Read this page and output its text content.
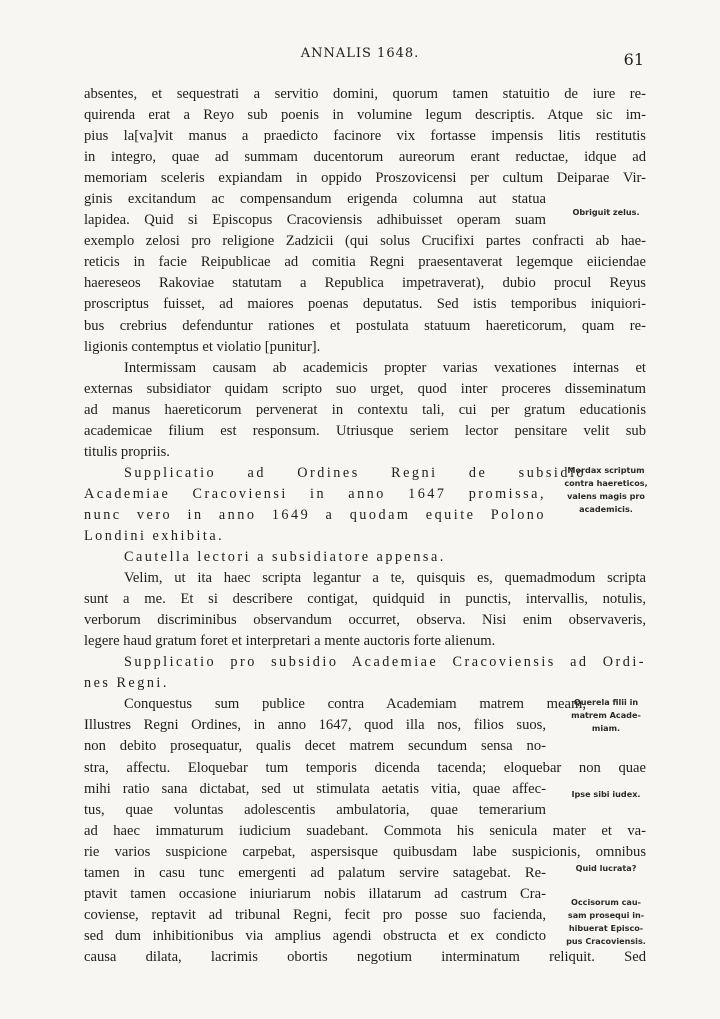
ANNALIS 1648.	61
absentes, et sequestrati a servitio domini, quorum tamen statuitio de iure re-
quirenda erat a Reyo sub poenis in volumine legum descriptis. Atque sic im-
pius la[va]vit manus a praedicto facinore vix fortasse impensis litis restitutis
in integro, quae ad summam ducentorum aureorum erant reductae, idque ad
memoriam sceleris expiandam in oppido Proszovicensi per cultum Deiparae Vir-
ginis excitandum ac compensandum erigenda columna aut statua
lapidea. Quid si Episcopus Cracoviensis adhibuisset operam suam
exemplo zelosi pro religione Zadzicii (qui solus Crucifixi partes confracti ab hae-
reticis in facie Reipublicae ad comitia Regni praesentaverat legemque eiiciendae
haereseos Rakoviae statutam a Republica impetraverat), dubio procul Reyus
proscriptus fuisset, ad maiores poenas deputatus. Sed istis temporibus iniquiori-
bus crebrius defenduntur rationes et postulata statuum haereticorum, quam re-
ligionis contemptus et violatio [punitur].
Intermissam causam ab academicis propter varias vexationes internas et
externas subsidiator quidam scripto suo urget, quod inter proceres disseminatum
ad manus haereticorum pervenerat in contextu tali, cui per gratum educationis
academicae filium est responsum. Utriusque seriem lector pensitare velit sub
titulis propriis.
Supplicatio ad Ordines Regni de subsidio
Academiae Cracoviensi in anno 1647 promissa,
nunc vero in anno 1649 a quodam equite Polono
Londini exhibita.
Cautella lectori a subsidiatore appensa.
Velim, ut ita haec scripta legantur a te, quisquis es, quemadmodum scripta
sunt a me. Et si describere contigat, quidquid in punctis, intervallis, notulis,
verborum discriminibus observandum occurret, observa. Nisi enim observaveris,
legere haud gratum foret et interpretari a mente auctoris forte alienum.
Supplicatio pro subsidio Academiae Cracoviensis ad Ordi-
nes Regni.
Conquestus sum publice contra Academiam matrem meam,
Illustres Regni Ordines, in anno 1647, quod illa nos, filios suos,
non debito prosequatur, qualis decet matrem secundum sensa no-
stra, affectu. Eloquebar tum temporis dicenda tacenda; eloquebar non quae
mihi ratio sana dictabat, sed ut stimulata aetatis vitia, quae affec-
tus, quae voluntas adolescentis ambulatoria, quae temerarium
ad haec immaturum iudicium suadebant. Commota his senicula mater et va-
rie varios suspicione carpebat, aspersisque quibusdam labe suspicionis, omnibus
tamen in casu tunc emergenti ad palatum servire satagebat. Re-
ptavit tamen occasione iniuriarum nobis illatarum ad castrum Cra-
coviense, reptavit ad tribunal Regni, fecit pro posse suo facienda,
sed dum inhibitionibus via amplius agendi obstructa et ex condicto
causa dilata, lacrimis obortis negotium interminatum reliquit. Sed
Obriguit zelus.
Mordax scriptum
contra haereticos,
valens magis pro
academicis.
Querela filii in
matrem Acade-
miam.
Ipse sibi iudex.
Quid lucrata?
Occisorum cau-
sam prosequi in-
hibuerat Episco-
pus Cracoviensis.
